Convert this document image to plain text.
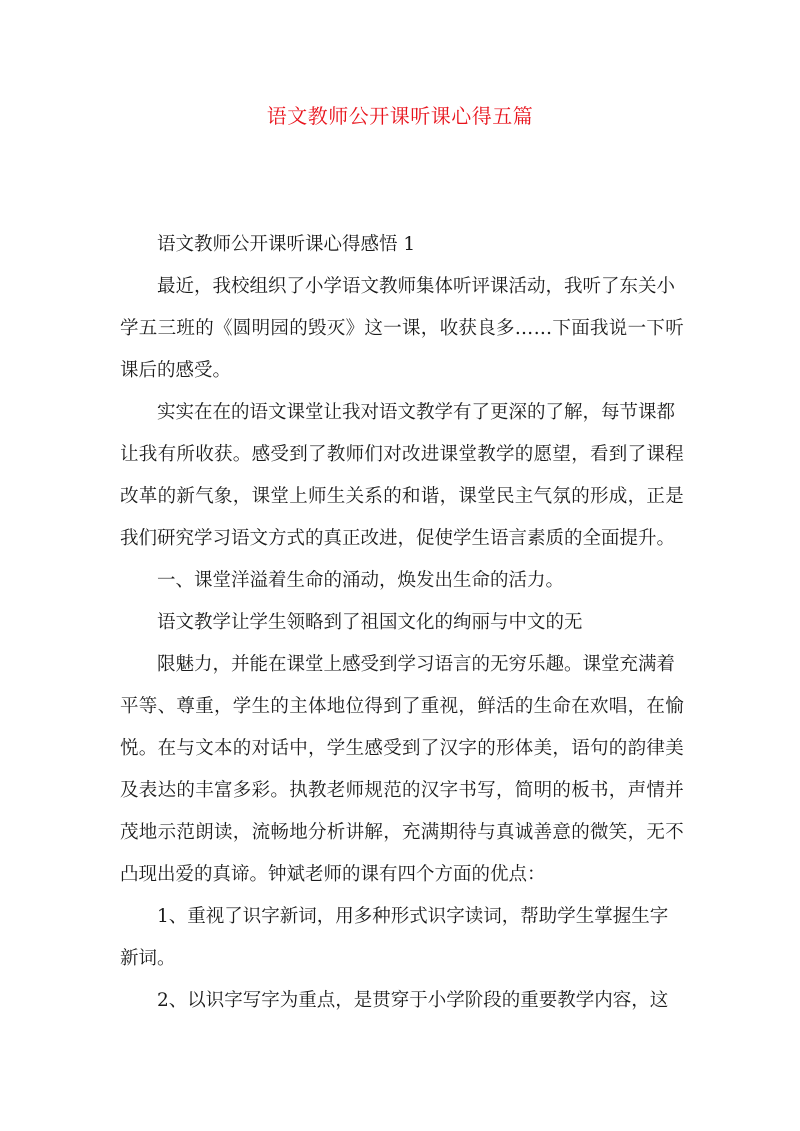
语文教师公开课听课心得五篇
语文教师公开课听课心得感悟 1
最近，我校组织了小学语文教师集体听评课活动，我听了东关小
学五三班的《圆明园的毁灭》这一课，收获良多……下面我说一下听
课后的感受。
实实在在的语文课堂让我对语文教学有了更深的了解，每节课都
让我有所收获。感受到了教师们对改进课堂教学的愿望，看到了课程
改革的新气象，课堂上师生关系的和谐，课堂民主气氛的形成，正是
我们研究学习语文方式的真正改进，促使学生语言素质的全面提升。
一、课堂洋溢着生命的涌动，焕发出生命的活力。
语文教学让学生领略到了祖国文化的绚丽与中文的无
限魅力，并能在课堂上感受到学习语言的无穷乐趣。课堂充满着
平等、尊重，学生的主体地位得到了重视，鲜活的生命在欢唱，在愉
悦。在与文本的对话中，学生感受到了汉字的形体美，语句的韵律美
及表达的丰富多彩。执教老师规范的汉字书写，简明的板书，声情并
茂地示范朗读，流畅地分析讲解，充满期待与真诚善意的微笑，无不
凸现出爱的真谛。钟斌老师的课有四个方面的优点：
1、重视了识字新词，用多种形式识字读词，帮助学生掌握生字
新词。
2、以识字写字为重点，是贯穿于小学阶段的重要教学内容，这
